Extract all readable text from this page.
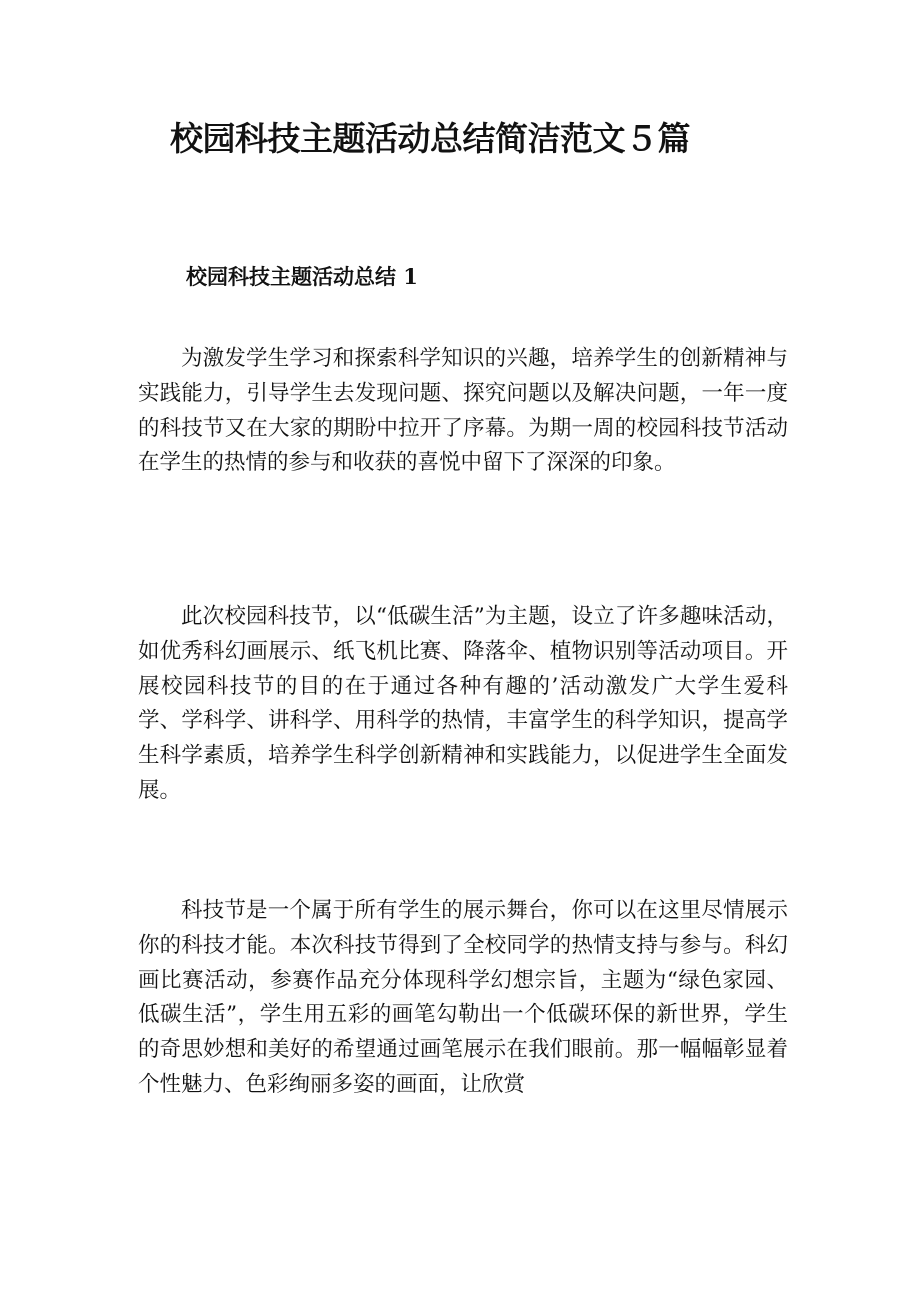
校园科技主题活动总结简洁范文５篇
校园科技主题活动总结 1

为激发学生学习和探索科学知识的兴趣，培养学生的创新精神与实践能力，引导学生去发现问题、探究问题以及解决问题，一年一度的科技节又在大家的期盼中拉开了序幕。为期一周的校园科技节活动在学生的热情的参与和收获的喜悦中留下了深深的印象。

此次校园科技节，以“低碳生活”为主题，设立了许多趣味活动，如优秀科幻画展示、纸飞机比赛、降落伞、植物识别等活动项目。开展校园科技节的目的在于通过各种有趣的’活动激发广大学生爱科学、学科学、讲科学、用科学的热情，丰富学生的科学知识，提高学生科学素质，培养学生科学创新精神和实践能力，以促进学生全面发展。

科技节是一个属于所有学生的展示舞台，你可以在这里尽情展示你的科技才能。本次科技节得到了全校同学的热情支持与参与。科幻画比赛活动，参赛作品充分体现科学幻想宗旨，主题为“绿色家园、低碳生活”，学生用五彩的画笔勾勒出一个低碳环保的新世界，学生的奇思妙想和美好的希望通过画笔展示在我们眼前。那一幅幅彰显着个性魅力、色彩绚丽多姿的画面，让欣赏
